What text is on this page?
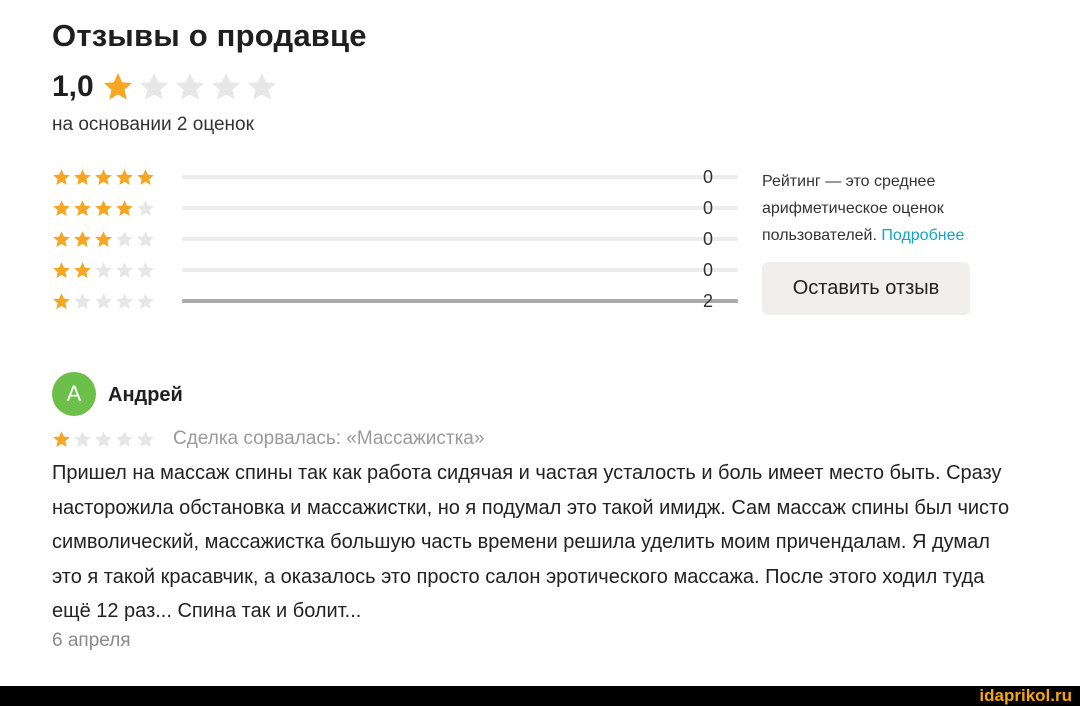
Отзывы о продавце
1,0
на основании 2 оценок
0
0
0
0
2
Рейтинг — это среднее
арифметическое оценок
пользователей. Подробнее
Оставить отзыв
А	Андрей
Сделка сорвалась: «Массажистка»
Пришел на массаж спины так как работа сидячая и частая усталость и боль имеет место быть. Сразу насторожила обстановка и массажистки, но я подумал это такой имидж. Сам массаж спины был чисто символический, массажистка большую часть времени решила уделить моим причендалам. Я думал это я такой красавчик, а оказалось это просто салон эротического массажа. После этого ходил туда ещё 12 раз... Спина так и болит...
6 апреля
idaprikol.ru
